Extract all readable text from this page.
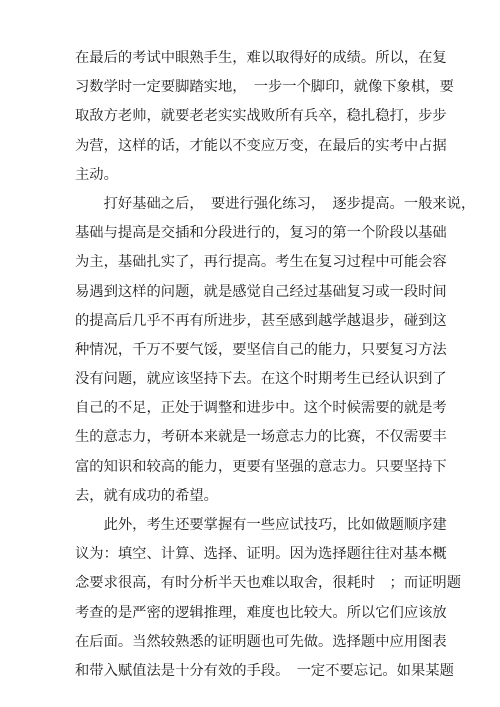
在最后的考试中眼熟手生，难以取得好的成绩。所以，在复
习数学时一定要脚踏实地，　一步一个脚印，就像下象棋，要
取敌方老帅，就要老老实实战败所有兵卒，稳扎稳打，步步
为营，这样的话，才能以不变应万变，在最后的实考中占据
主动。
　　打好基础之后，　要进行强化练习，　逐步提高。一般来说，
基础与提高是交插和分段进行的，复习的第一个阶段以基础
为主，基础扎实了，再行提高。考生在复习过程中可能会容
易遇到这样的问题，就是感觉自己经过基础复习或一段时间
的提高后几乎不再有所进步，甚至感到越学越退步，碰到这
种情况，千万不要气馁，要坚信自己的能力，只要复习方法
没有问题，就应该坚持下去。在这个时期考生已经认识到了
自己的不足，正处于调整和进步中。这个时候需要的就是考
生的意志力，考研本来就是一场意志力的比赛，不仅需要丰
富的知识和较高的能力，更要有坚强的意志力。只要坚持下
去，就有成功的希望。
　　此外，考生还要掌握有一些应试技巧，比如做题顺序建
议为：填空、计算、选择、证明。因为选择题往往对基本概
念要求很高，有时分析半天也难以取舍，很耗时　；而证明题
考查的是严密的逻辑推理，难度也比较大。所以它们应该放
在后面。当然较熟悉的证明题也可先做。选择题中应用图表
和带入赋值法是十分有效的手段。　一定不要忘记。如果某题
